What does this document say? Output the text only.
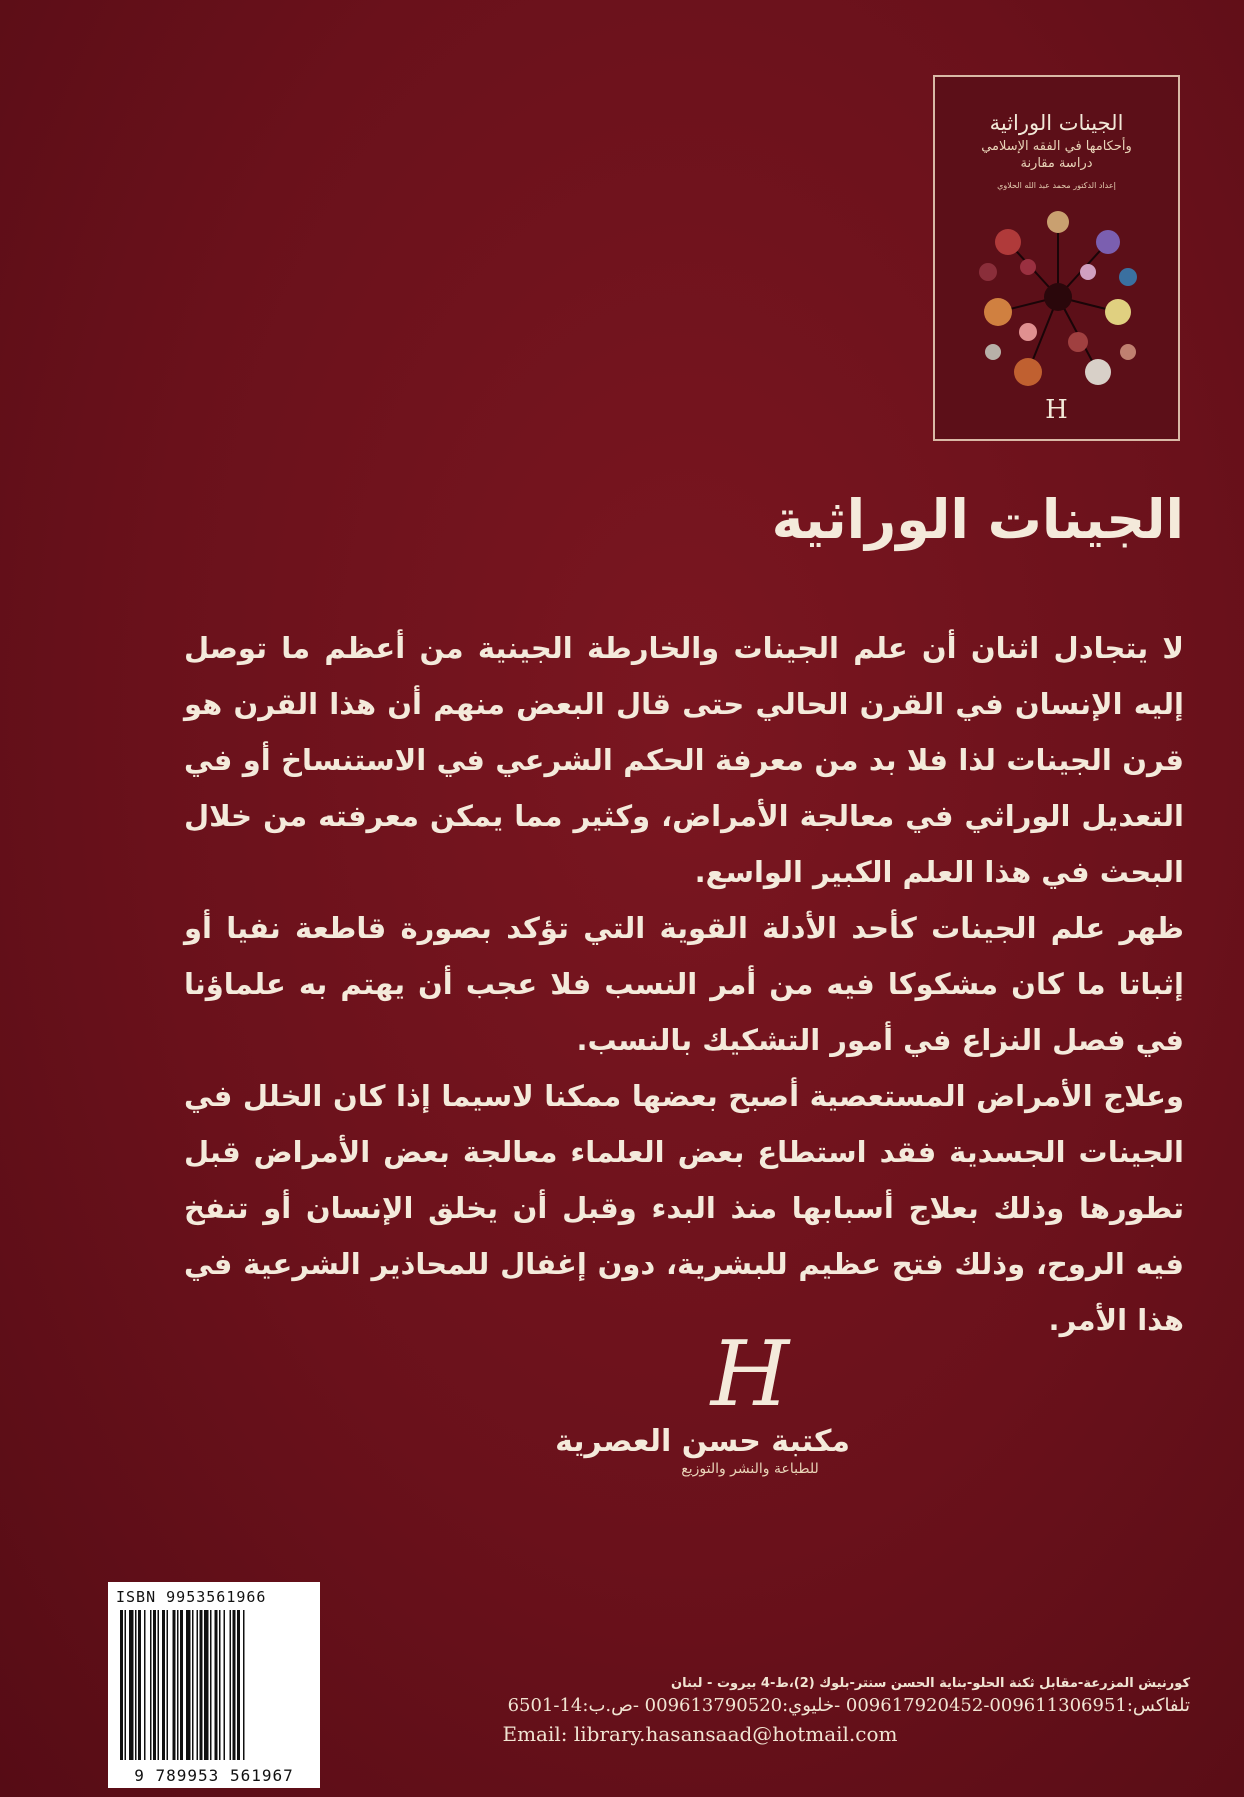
الجينات الوراثية
وأحكامها في الفقه الإسلامي
دراسة مقارنة
إعداد الدكتور محمد عبد الله الحلاوي
H
الجينات الوراثية

لا يتجادل اثنان أن علم الجينات والخارطة الجينية من أعظم ما توصل إليه الإنسان في القرن الحالي حتى قال البعض منهم أن هذا القرن هو قرن الجينات لذا فلا بد من معرفة الحكم الشرعي في الاستنساخ أو في التعديل الوراثي في معالجة الأمراض، وكثير مما يمكن معرفته من خلال البحث في هذا العلم الكبير الواسع.

ظهر علم الجينات كأحد الأدلة القوية التي تؤكد بصورة قاطعة نفيا أو إثباتا ما كان مشكوكا فيه من أمر النسب فلا عجب أن يهتم به علماؤنا في فصل النزاع في أمور التشكيك بالنسب.

وعلاج الأمراض المستعصية أصبح بعضها ممكنا لاسيما إذا كان الخلل في الجينات الجسدية فقد استطاع بعض العلماء معالجة بعض الأمراض قبل تطورها وذلك بعلاج أسبابها منذ البدء وقبل أن يخلق الإنسان أو تنفخ فيه الروح، وذلك فتح عظيم للبشرية، دون إغفال للمحاذير الشرعية في هذا الأمر.

H
مكتبة حسن العصرية
للطباعة والنشر والتوزيع
كورنيش المزرعة-مقابل ثكنة الحلو-بناية الحسن سنتر-بلوك (2)،ط-4 بيروت - لبنان
تلفاكس:009611306951-009617920452 -خليوي:009613790520 -ص.ب:14-6501
Email: library.hasansaad@hotmail.com
ISBN 9953561966
9 789953 561967
